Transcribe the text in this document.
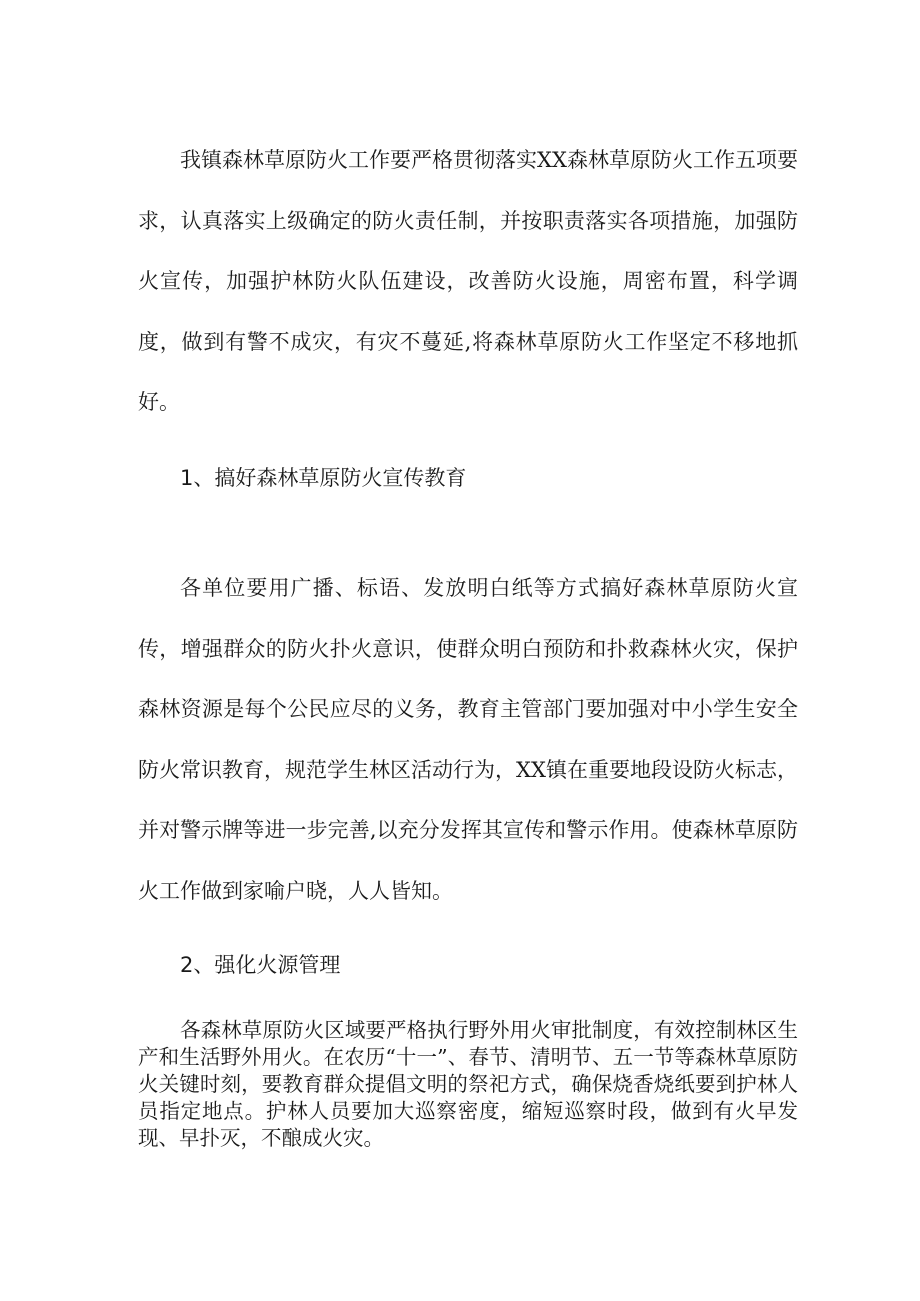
我镇森林草原防火工作要严格贯彻落实XX森林草原防火工作五项要求，认真落实上级确定的防火责任制，并按职责落实各项措施，加强防火宣传，加强护林防火队伍建设，改善防火设施，周密布置，科学调度，做到有警不成灾，有灾不蔓延,将森林草原防火工作坚定不移地抓好。

1、搞好森林草原防火宣传教育

各单位要用广播、标语、发放明白纸等方式搞好森林草原防火宣传，增强群众的防火扑火意识，使群众明白预防和扑救森林火灾，保护森林资源是每个公民应尽的义务，教育主管部门要加强对中小学生安全防火常识教育，规范学生林区活动行为，XX镇在重要地段设防火标志，并对警示牌等进一步完善,以充分发挥其宣传和警示作用。使森林草原防火工作做到家喻户晓，人人皆知。

2、强化火源管理

各森林草原防火区域要严格执行野外用火审批制度，有效控制林区生产和生活野外用火。在农历“十一”、春节、清明节、五一节等森林草原防火关键时刻，要教育群众提倡文明的祭祀方式，确保烧香烧纸要到护林人员指定地点。护林人员要加大巡察密度，缩短巡察时段，做到有火早发现、早扑灭，不酿成火灾。
